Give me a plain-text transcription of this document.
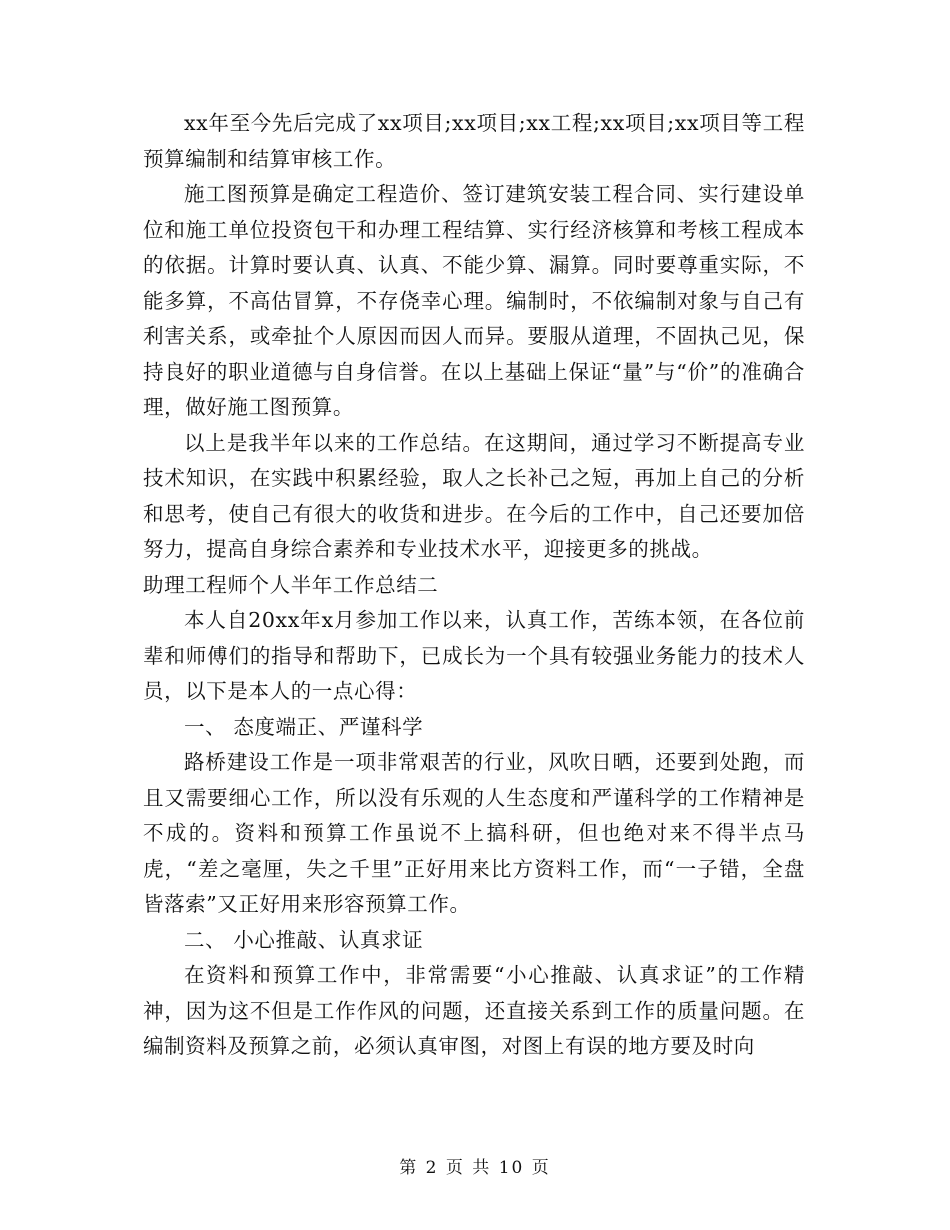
xx年至今先后完成了xx项目;xx项目;xx工程;xx项目;xx项目等工程预算编制和结算审核工作。

施工图预算是确定工程造价、签订建筑安装工程合同、实行建设单位和施工单位投资包干和办理工程结算、实行经济核算和考核工程成本的依据。计算时要认真、认真、不能少算、漏算。同时要尊重实际，不能多算，不高估冒算，不存侥幸心理。编制时，不依编制对象与自己有利害关系，或牵扯个人原因而因人而异。要服从道理，不固执己见，保持良好的职业道德与自身信誉。在以上基础上保证“量”与“价”的准确合理，做好施工图预算。

以上是我半年以来的工作总结。在这期间，通过学习不断提高专业技术知识，在实践中积累经验，取人之长补己之短，再加上自己的分析和思考，使自己有很大的收货和进步。在今后的工作中，自己还要加倍努力，提高自身综合素养和专业技术水平，迎接更多的挑战。

助理工程师个人半年工作总结二

本人自20xx年x月参加工作以来，认真工作，苦练本领，在各位前辈和师傅们的指导和帮助下，已成长为一个具有较强业务能力的技术人员，以下是本人的一点心得：

一、 态度端正、严谨科学

路桥建设工作是一项非常艰苦的行业，风吹日晒，还要到处跑，而且又需要细心工作，所以没有乐观的人生态度和严谨科学的工作精神是不成的。资料和预算工作虽说不上搞科研，但也绝对来不得半点马虎，“差之毫厘，失之千里”正好用来比方资料工作，而“一子错，全盘皆落索”又正好用来形容预算工作。

二、 小心推敲、认真求证

在资料和预算工作中，非常需要“小心推敲、认真求证”的工作精神，因为这不但是工作作风的问题，还直接关系到工作的质量问题。在编制资料及预算之前，必须认真审图，对图上有误的地方要及时向

第 2 页 共 10 页
